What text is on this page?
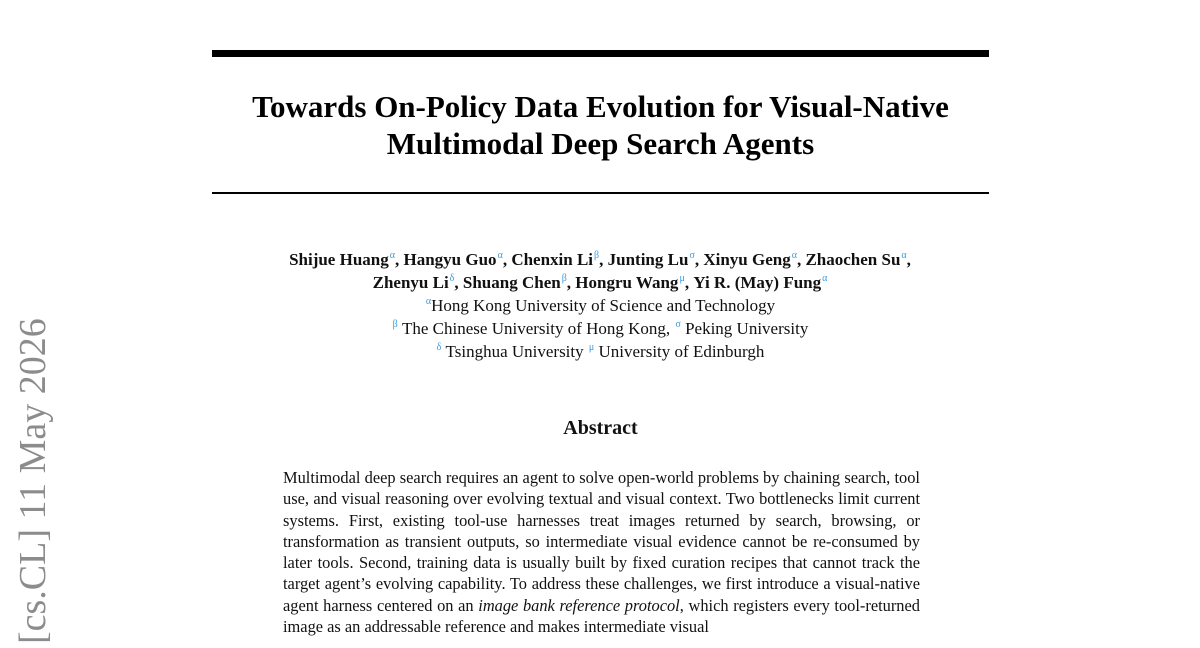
Towards On-Policy Data Evolution for Visual-Native
Multimodal Deep Search Agents
Shijue Huang$^\alpha$, Hangyu Guo$^\alpha$, Chenxin $Li^\beta$, Junting $Lu^\sigma$, Xinyu Geng$^\alpha$, Zhaochen $Su^\alpha$,
Zhenyu $Li^\delta$, Shuang Chen$^\beta$, Hongru Wang$^\mu$, Yi R. (May) Fung$^\alpha$
$^\alpha$Hong Kong University of Science and Technology
$^\beta$ The Chinese University of Hong Kong, $^\sigma$ Peking University
$^\delta$ Tsinghua University $^\mu$ University of Edinburgh
Abstract

Multimodal deep search requires an agent to solve open-world problems by chaining search, tool use, and visual reasoning over evolving textual and visual context. Two bottlenecks limit current systems. First, existing tool-use harnesses treat images returned by search, browsing, or transformation as transient outputs, so intermediate visual evidence cannot be re-consumed by later tools. Second, training data is usually built by fixed curation recipes that cannot track the target agent’s evolving capability. To address these challenges, we first introduce a visual-native agent harness centered on an image bank reference protocol, which registers every tool-returned image as an addressable reference and makes intermediate visual

[cs.CL] 11 May 2026
